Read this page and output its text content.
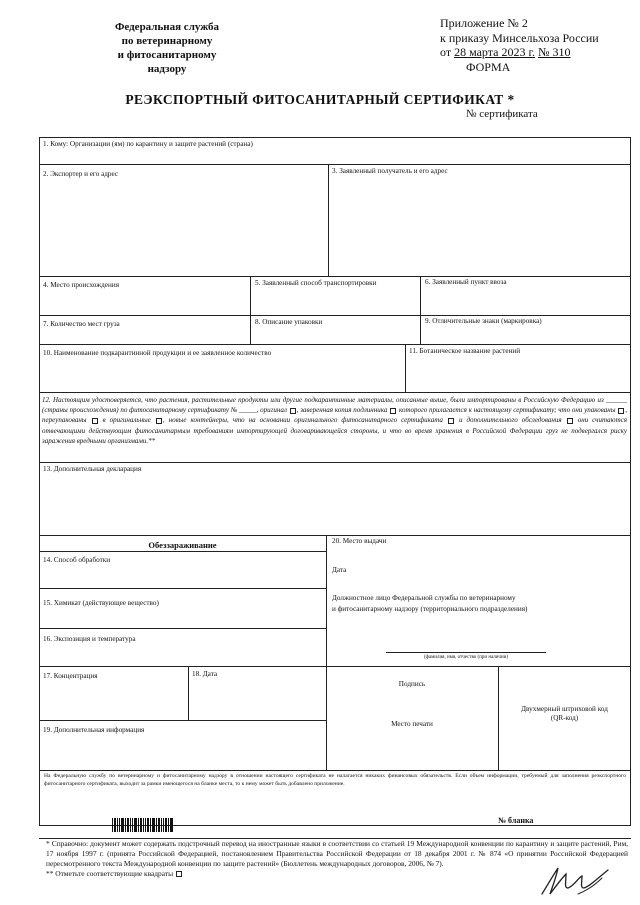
Федеральная служба
по ветеринарному
и фитосанитарному
надзору
Приложение № 2
к приказу Минсельхоза России
от 28 марта 2023 г. № 310
ФОРМА
РЕЭКСПОРТНЫЙ ФИТОСАНИТАРНЫЙ СЕРТИФИКАТ *
№ сертификата
1. Кому: Организации (ям) по карантину и защите растений (страна)
2. Экспортер и его адрес	3. Заявленный получатель и его адрес
4. Место происхождения	5. Заявленный способ транспортировки	6. Заявленный пункт ввоза
7. Количество мест груза	8. Описание упаковки	9. Отличительные знаки (маркировка)
10. Наименование подкарантинной продукции и ее заявленное количество	11. Ботаническое название растений
12. Настоящим удостоверяется, что растения, растительные продукты или другие подкарантинные материалы, описанные выше, были импортированы в Российскую Федерацию из ______ (страны происхождения) по фитосанитарному сертификату № _____, оригинал , заверенная копия подлинника которого прилагается к настоящему сертификату; что они упакованы , переупакованы в оригинальные , новые контейнеры, что на основании оригинального фитосанитарного сертификата и дополнительного обследования они считаются отвечающими действующим фитосанитарным требованиям импортирующей договаривающейся стороны, и что во время хранения в Российской Федерации груз не подвергался риску заражения вредными организмами.**
13. Дополнительная декларация
Обеззараживание
14. Способ обработки
15. Химикат (действующее вещество)
16. Экспозиция и температура
17. Концентрация	18. Дата
19. Дополнительная информация
20. Место выдачи
Дата
Должностное лицо Федеральной службы по ветеринарному
и фитосанитарному надзору (территориального подразделения)
(фамилия, имя, отчество (при наличии)
Подпись
Место печати
Двухмерный штриховой код
(QR-код)
На Федеральную службу по ветеринарному и фитосанитарному надзору в отношении настоящего сертификата не налагается никаких финансовых обязательств. Если объем информации, требуемый для заполнения реэкспортного фитосанитарного сертификата, выходит за рамки имеющегося на бланке места, то к нему может быть добавлено приложение.
№ бланка
* Справочно: документ может содержать подстрочный перевод на иностранные языки в соответствии со статьей 19 Международной конвенции по карантину и защите растений, Рим, 17 ноября 1997 г. (принята Российской Федерацией, постановлением Правительства Российской Федерации от 18 декабря 2001 г. № 874 «О принятии Российской Федерацией пересмотренного текста Международной конвенции по защите растений» (Бюллетень международных договоров, 2006, № 7).
** Отметьте соответствующие квадраты
